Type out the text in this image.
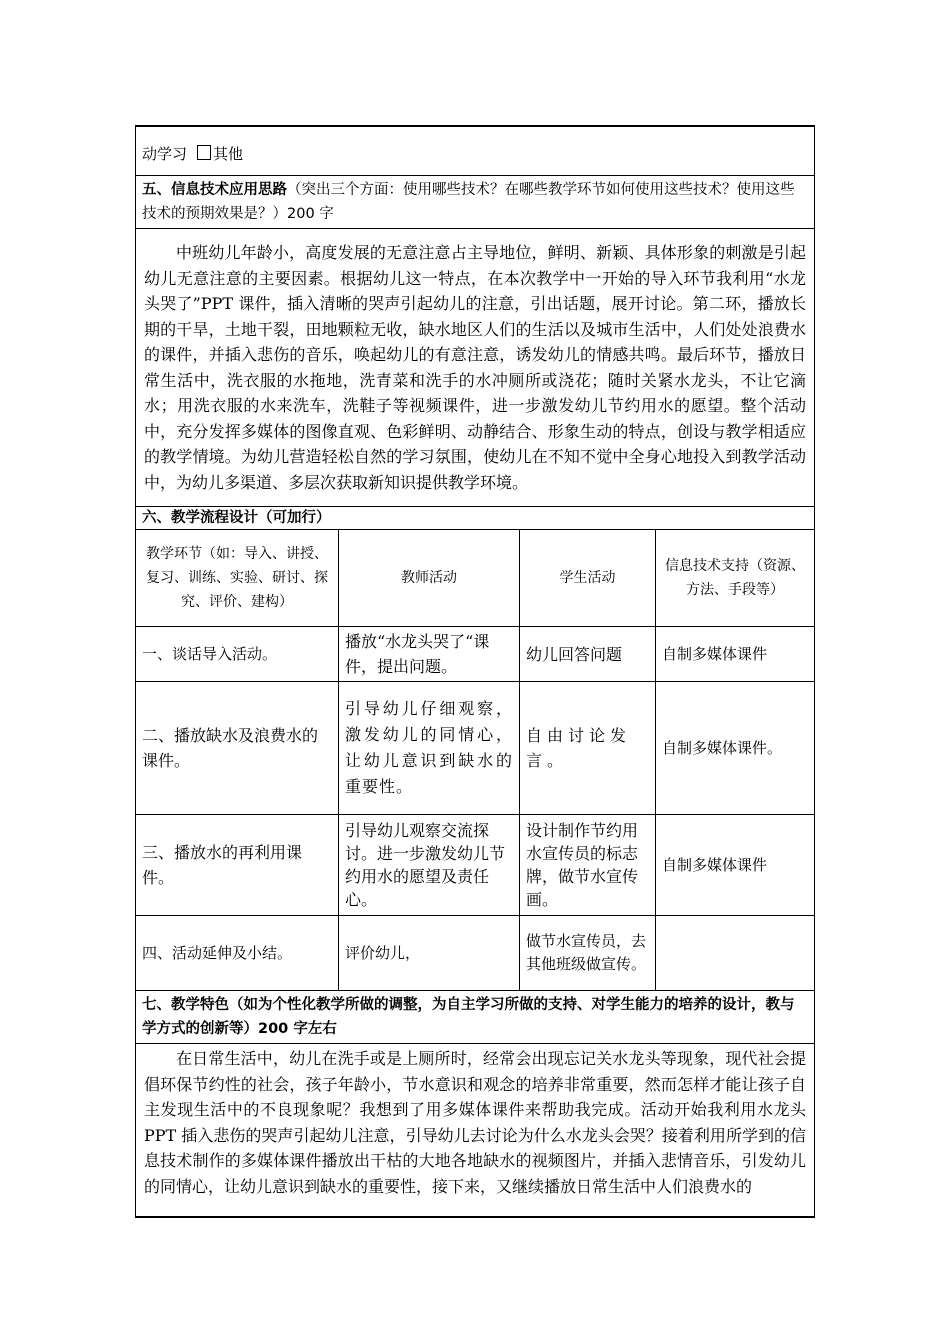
动学习 其他			
五、信息技术应用思路（突出三个方面：使用哪些技术？在哪些教学环节如何使用这些技术？使用这些技术的预期效果是？）200 字			
中班幼儿年龄小，高度发展的无意注意占主导地位，鲜明、新颖、具体形象的刺激是引起幼儿无意注意的主要因素。根据幼儿这一特点，在本次教学中一开始的导入环节我利用“水龙头哭了”PPT 课件，插入清晰的哭声引起幼儿的注意，引出话题，展开讨论。第二环，播放长期的干旱，土地干裂，田地颗粒无收，缺水地区人们的生活以及城市生活中，人们处处浪费水的课件，并插入悲伤的音乐，唤起幼儿的有意注意，诱发幼儿的情感共鸣。最后环节，播放日常生活中，洗衣服的水拖地，洗青菜和洗手的水冲厕所或浇花；随时关紧水龙头，不让它滴水；用洗衣服的水来洗车，洗鞋子等视频课件，进一步激发幼儿节约用水的愿望。整个活动中，充分发挥多媒体的图像直观、色彩鲜明、动静结合、形象生动的特点，创设与教学相适应的教学情境。为幼儿营造轻松自然的学习氛围，使幼儿在不知不觉中全身心地投入到教学活动中，为幼儿多渠道、多层次获取新知识提供教学环境。			
六、教学流程设计（可加行）			
教学环节（如：导入、讲授、复习、训练、实验、研讨、探究、评价、建构）	教师活动	学生活动	信息技术支持（资源、方法、手段等）
一、谈话导入活动。	播放“水龙头哭了“课件，提出问题。	幼儿回答问题	自制多媒体课件
二、播放缺水及浪费水的课件。	引导幼儿仔细观察，激发幼儿的同情心，让幼儿意识到缺水的重要性。	自由讨论发言。	自制多媒体课件。
三、播放水的再利用课件。	引导幼儿观察交流探讨。进一步激发幼儿节约用水的愿望及责任心。	设计制作节约用水宣传员的标志牌，做节水宣传画。	自制多媒体课件
四、活动延伸及小结。	评价幼儿，	做节水宣传员，去其他班级做宣传。	
七、教学特色（如为个性化教学所做的调整，为自主学习所做的支持、对学生能力的培养的设计，教与学方式的创新等）200 字左右			
在日常生活中，幼儿在洗手或是上厕所时，经常会出现忘记关水龙头等现象，现代社会提倡环保节约性的社会，孩子年龄小，节水意识和观念的培养非常重要，然而怎样才能让孩子自主发现生活中的不良现象呢？我想到了用多媒体课件来帮助我完成。活动开始我利用水龙头 PPT 插入悲伤的哭声引起幼儿注意，引导幼儿去讨论为什么水龙头会哭？接着利用所学到的信息技术制作的多媒体课件播放出干枯的大地各地缺水的视频图片，并插入悲情音乐，引发幼儿的同情心，让幼儿意识到缺水的重要性，接下来，又继续播放日常生活中人们浪费水的			
